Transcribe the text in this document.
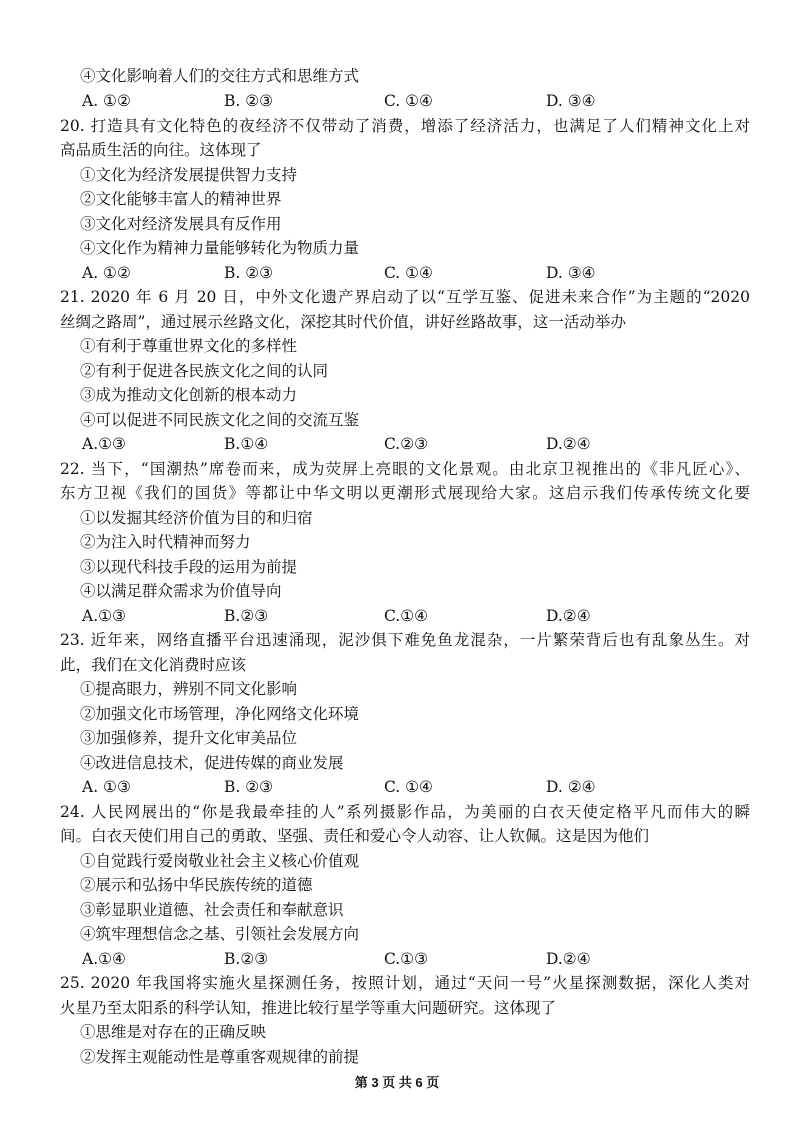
④文化影响着人们的交往方式和思维方式
A. ①②	B. ②③	C. ①④	D. ③④
20. 打造具有文化特色的夜经济不仅带动了消费，增添了经济活力，也满足了人们精神文化上对
高品质生活的向往。这体现了
①文化为经济发展提供智力支持
②文化能够丰富人的精神世界
③文化对经济发展具有反作用
④文化作为精神力量能够转化为物质力量
A. ①②	B. ②③	C. ①④	D. ③④
21. 2020 年 6 月 20 日，中外文化遗产界启动了以“互学互鉴、促进未来合作”为主题的“2020
丝绸之路周”，通过展示丝路文化，深挖其时代价值，讲好丝路故事，这一活动举办
①有利于尊重世界文化的多样性
②有利于促进各民族文化之间的认同
③成为推动文化创新的根本动力
④可以促进不同民族文化之间的交流互鉴
A.①③	B.①④	C.②③	D.②④
22. 当下，“国潮热”席卷而来，成为荧屏上亮眼的文化景观。由北京卫视推出的《非凡匠心》、
东方卫视《我们的国货》等都让中华文明以更潮形式展现给大家。这启示我们传承传统文化要
①以发掘其经济价值为目的和归宿
②为注入时代精神而努力
③以现代科技手段的运用为前提
④以满足群众需求为价值导向
A.①③	B.②③	C.①④	D.②④
23. 近年来，网络直播平台迅速涌现，泥沙俱下难免鱼龙混杂，一片繁荣背后也有乱象丛生。对
此，我们在文化消费时应该
①提高眼力，辨别不同文化影响
②加强文化市场管理，净化网络文化环境
③加强修养，提升文化审美品位
④改进信息技术，促进传媒的商业发展
A. ①③	B. ②③	C. ①④	D. ②④
24. 人民网展出的“你是我最牵挂的人”系列摄影作品，为美丽的白衣天使定格平凡而伟大的瞬
间。白衣天使们用自己的勇敢、坚强、责任和爱心令人动容、让人钦佩。这是因为他们
①自觉践行爱岗敬业社会主义核心价值观
②展示和弘扬中华民族传统的道德
③彰显职业道德、社会责任和奉献意识
④筑牢理想信念之基、引领社会发展方向
A.①④	B.②③	C.①③	D.②④
25. 2020 年我国将实施火星探测任务，按照计划，通过“天问一号”火星探测数据，深化人类对
火星乃至太阳系的科学认知，推进比较行星学等重大问题研究。这体现了
①思维是对存在的正确反映
②发挥主观能动性是尊重客观规律的前提
第 3 页 共 6 页
